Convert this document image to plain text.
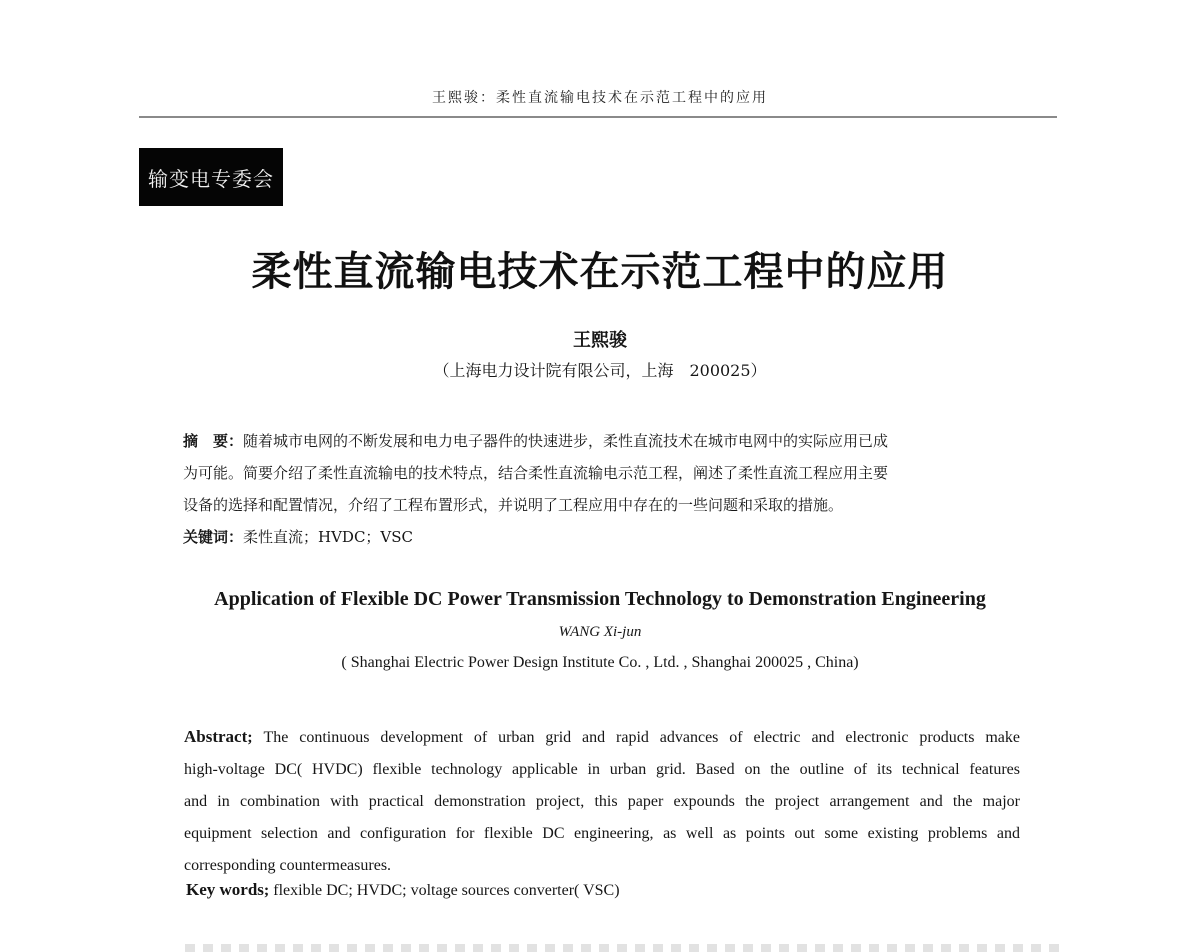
王熙骏：柔性直流输电技术在示范工程中的应用
输变电专委会
柔性直流输电技术在示范工程中的应用
王熙骏
（上海电力设计院有限公司，上海　200025）
摘　要：随着城市电网的不断发展和电力电子器件的快速进步，柔性直流技术在城市电网中的实际应用已成
为可能。简要介绍了柔性直流输电的技术特点，结合柔性直流输电示范工程，阐述了柔性直流工程应用主要
设备的选择和配置情况，介绍了工程布置形式，并说明了工程应用中存在的一些问题和采取的措施。
关键词：柔性直流；HVDC；VSC
Application of Flexible DC Power Transmission Technology to Demonstration Engineering
WANG Xi-jun
( Shanghai Electric Power Design Institute Co. , Ltd. , Shanghai 200025 , China)
Abstract; The continuous development of urban grid and rapid advances of electric and electronic products make
high-voltage DC( HVDC) flexible technology applicable in urban grid. Based on the outline of its technical features
and in combination with practical demonstration project, this paper expounds the project arrangement and the major
equipment selection and configuration for flexible DC engineering, as well as points out some existing problems and
corresponding countermeasures.
Key words; flexible DC; HVDC; voltage sources converter( VSC)
